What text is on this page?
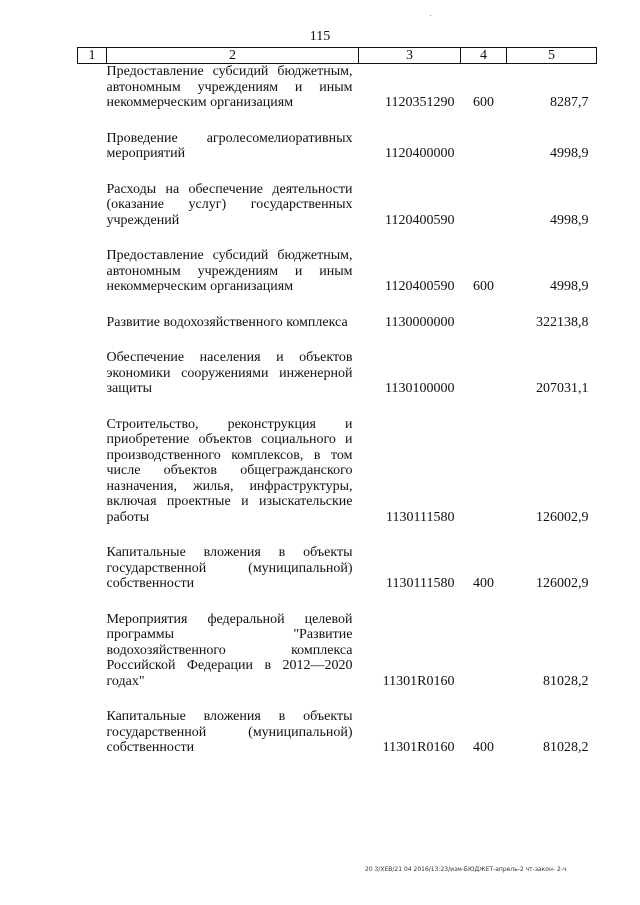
115
1	2	3	4	5
	Предоставление субсидий бюджетным, автономным учреждениям и иным некоммерческим организациям	1120351290	600	8287,7
	Проведение агролесомелиоративных мероприятий	1120400000		4998,9
	Расходы на обеспечение деятельности (оказание услуг) государственных учреждений	1120400590		4998,9
	Предоставление субсидий бюджетным, автономным учреждениям и иным некоммерческим организациям	1120400590	600	4998,9
	Развитие водохозяйственного комплекса	1130000000		322138,8
	Обеспечение населения и объектов экономики сооружениями инженерной защиты	1130100000		207031,1
	Строительство, реконструкция и приобретение объектов социального и производственного комплексов, в том числе объектов общегражданского назначения, жилья, инфраструктуры, включая проектные и изыскательские работы	1130111580		126002,9
	Капитальные вложения в объекты государственной (муниципальной) собственности	1130111580	400	126002,9
	Мероприятия федеральной целевой программы "Развитие водохозяйственного комплекса Российской Федерации в 2012—2020 годах"	11301R0160		81028,2
	Капитальные вложения в объекты государственной (муниципальной) собственности	11301R0160	400	81028,2
20 3/ХЕВ/21 04 2016/13:23/изм-БЮДЖЕТ-апрель-2 чт-закон- 2-ч
